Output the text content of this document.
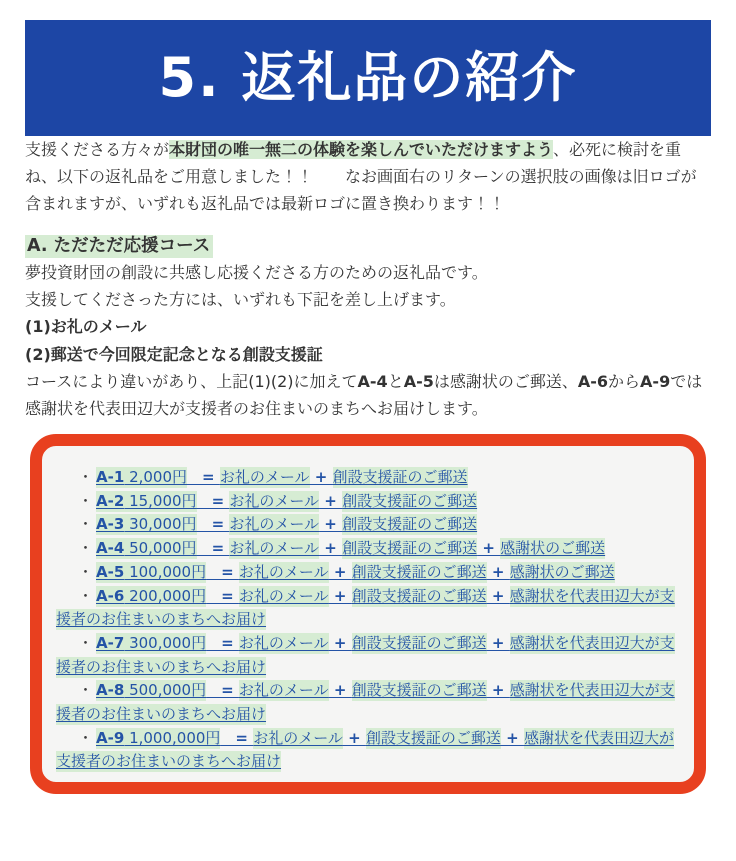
5. 返礼品の紹介

支援くださる方々が本財団の唯一無二の体験を楽しんでいただけますよう、必死に検討を重ね、以下の返礼品をご用意しました！！　　なお画面右のリターンの選択肢の画像は旧ロゴが含まれますが、いずれも返礼品では最新ロゴに置き換わります！！

A. ただただ応援コース

夢投資財団の創設に共感し応援くださる方のための返礼品です。

支援してくださった方には、いずれも下記を差し上げます。
(1)お礼のメール
(2)郵送で今回限定記念となる創設支援証

コースにより違いがあり、上記(1)(2)に加えてA-4とA-5は感謝状のご郵送、A-6からA-9では感謝状を代表田辺大が支援者のお住まいのまちへお届けします。

・ A-1 2,000円　= お礼のメール + 創設支援証のご郵送

・ A-2 15,000円　= お礼のメール + 創設支援証のご郵送

・ A-3 30,000円　= お礼のメール + 創設支援証のご郵送

・ A-4 50,000円　= お礼のメール + 創設支援証のご郵送 + 感謝状のご郵送

・ A-5 100,000円　= お礼のメール + 創設支援証のご郵送 + 感謝状のご郵送

・ A-6 200,000円　= お礼のメール + 創設支援証のご郵送 + 感謝状を代表田辺大が支援者のお住まいのまちへお届け

・ A-7 300,000円　= お礼のメール + 創設支援証のご郵送 + 感謝状を代表田辺大が支援者のお住まいのまちへお届け

・ A-8 500,000円　= お礼のメール + 創設支援証のご郵送 + 感謝状を代表田辺大が支援者のお住まいのまちへお届け

・ A-9 1,000,000円　= お礼のメール + 創設支援証のご郵送 + 感謝状を代表田辺大が支援者のお住まいのまちへお届け
